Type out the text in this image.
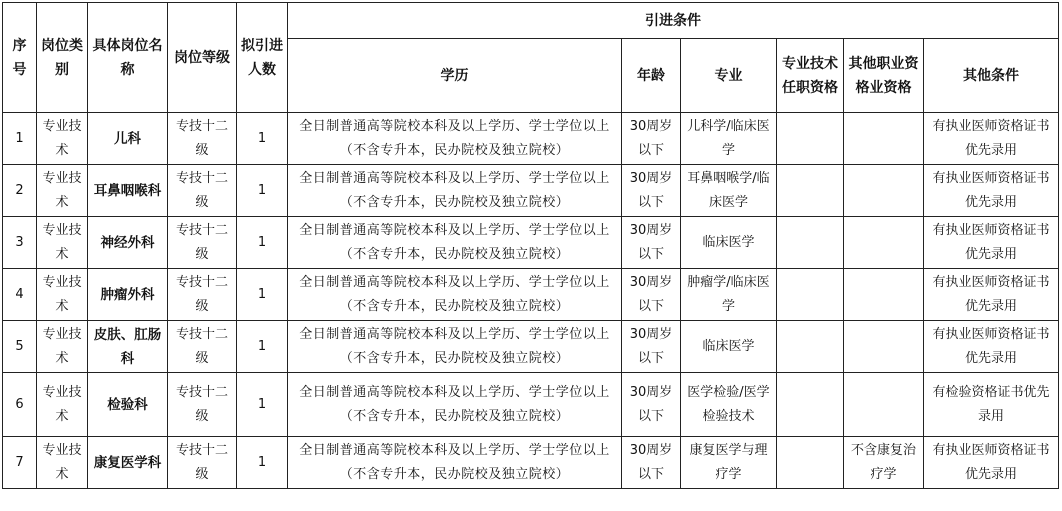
序号	岗位类别	具体岗位名称	岗位等级	拟引进人数	引进条件					
					学历	年龄	专业	专业技术任职资格	其他职业资格业资格	其他条件
1	专业技术	儿科	专技十二级	1	全日制普通高等院校本科及以上学历、学士学位以上（不含专升本，民办院校及独立院校）	30周岁以下	儿科学/临床医学			有执业医师资格证书优先录用
2	专业技术	耳鼻咽喉科	专技十二级	1	全日制普通高等院校本科及以上学历、学士学位以上（不含专升本，民办院校及独立院校）	30周岁以下	耳鼻咽喉学/临床医学			有执业医师资格证书优先录用
3	专业技术	神经外科	专技十二级	1	全日制普通高等院校本科及以上学历、学士学位以上（不含专升本，民办院校及独立院校）	30周岁以下	临床医学			有执业医师资格证书优先录用
4	专业技术	肿瘤外科	专技十二级	1	全日制普通高等院校本科及以上学历、学士学位以上（不含专升本，民办院校及独立院校）	30周岁以下	肿瘤学/临床医学			有执业医师资格证书优先录用
5	专业技术	皮肤、肛肠科	专技十二级	1	全日制普通高等院校本科及以上学历、学士学位以上（不含专升本，民办院校及独立院校）	30周岁以下	临床医学			有执业医师资格证书优先录用
6	专业技术	检验科	专技十二级	1	全日制普通高等院校本科及以上学历、学士学位以上（不含专升本，民办院校及独立院校）	30周岁以下	医学检验/医学检验技术			有检验资格证书优先录用
7	专业技术	康复医学科	专技十二级	1	全日制普通高等院校本科及以上学历、学士学位以上（不含专升本，民办院校及独立院校）	30周岁以下	康复医学与理疗学		不含康复治疗学	有执业医师资格证书优先录用
